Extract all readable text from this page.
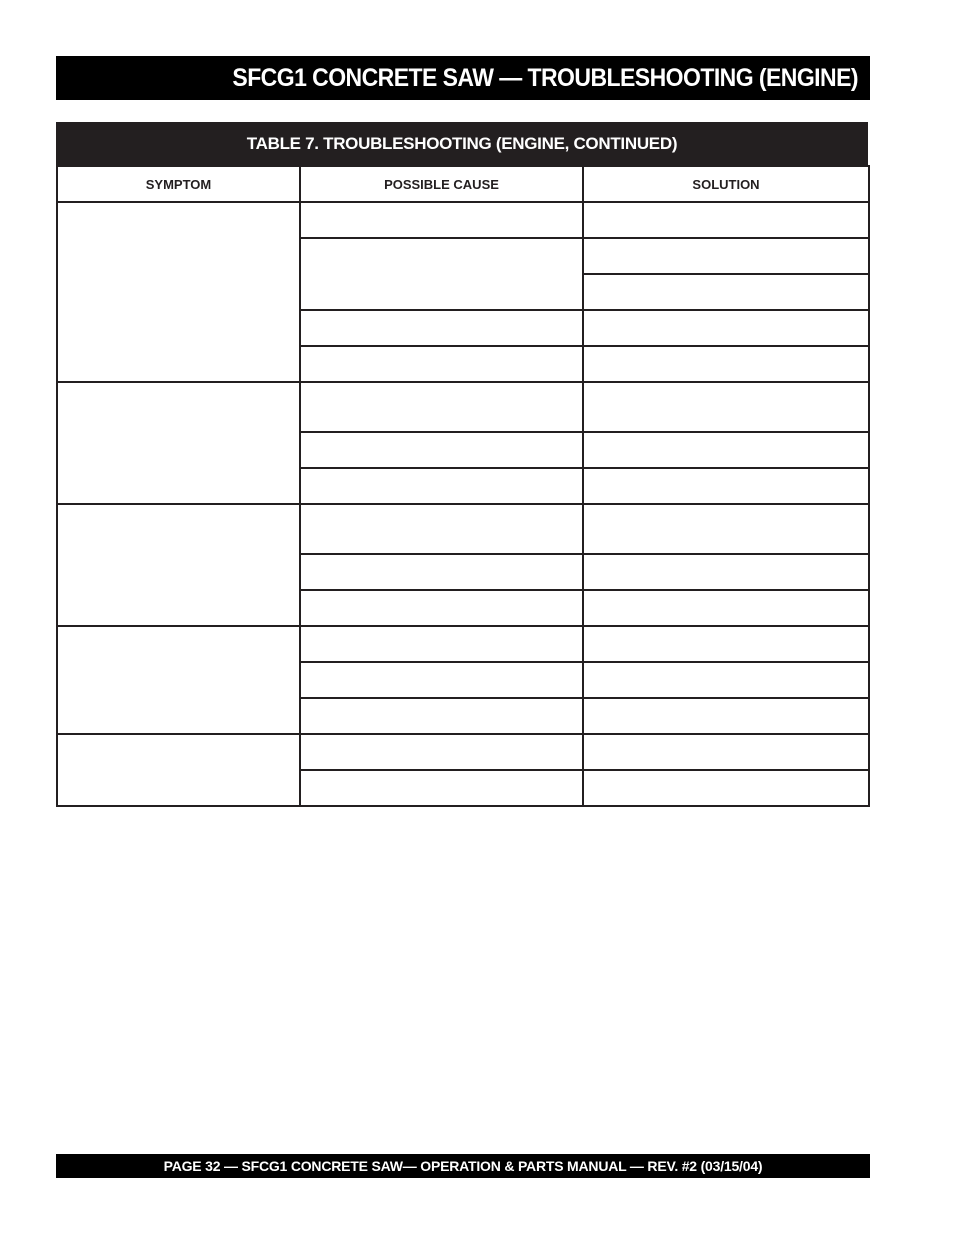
SFCG1 CONCRETE SAW — TROUBLESHOOTING (ENGINE)
TABLE 7. TROUBLESHOOTING (ENGINE, CONTINUED)
SYMPTOM	POSSIBLE CAUSE	SOLUTION

PAGE 32 — SFCG1 CONCRETE SAW— OPERATION & PARTS MANUAL — REV. #2 (03/15/04)
